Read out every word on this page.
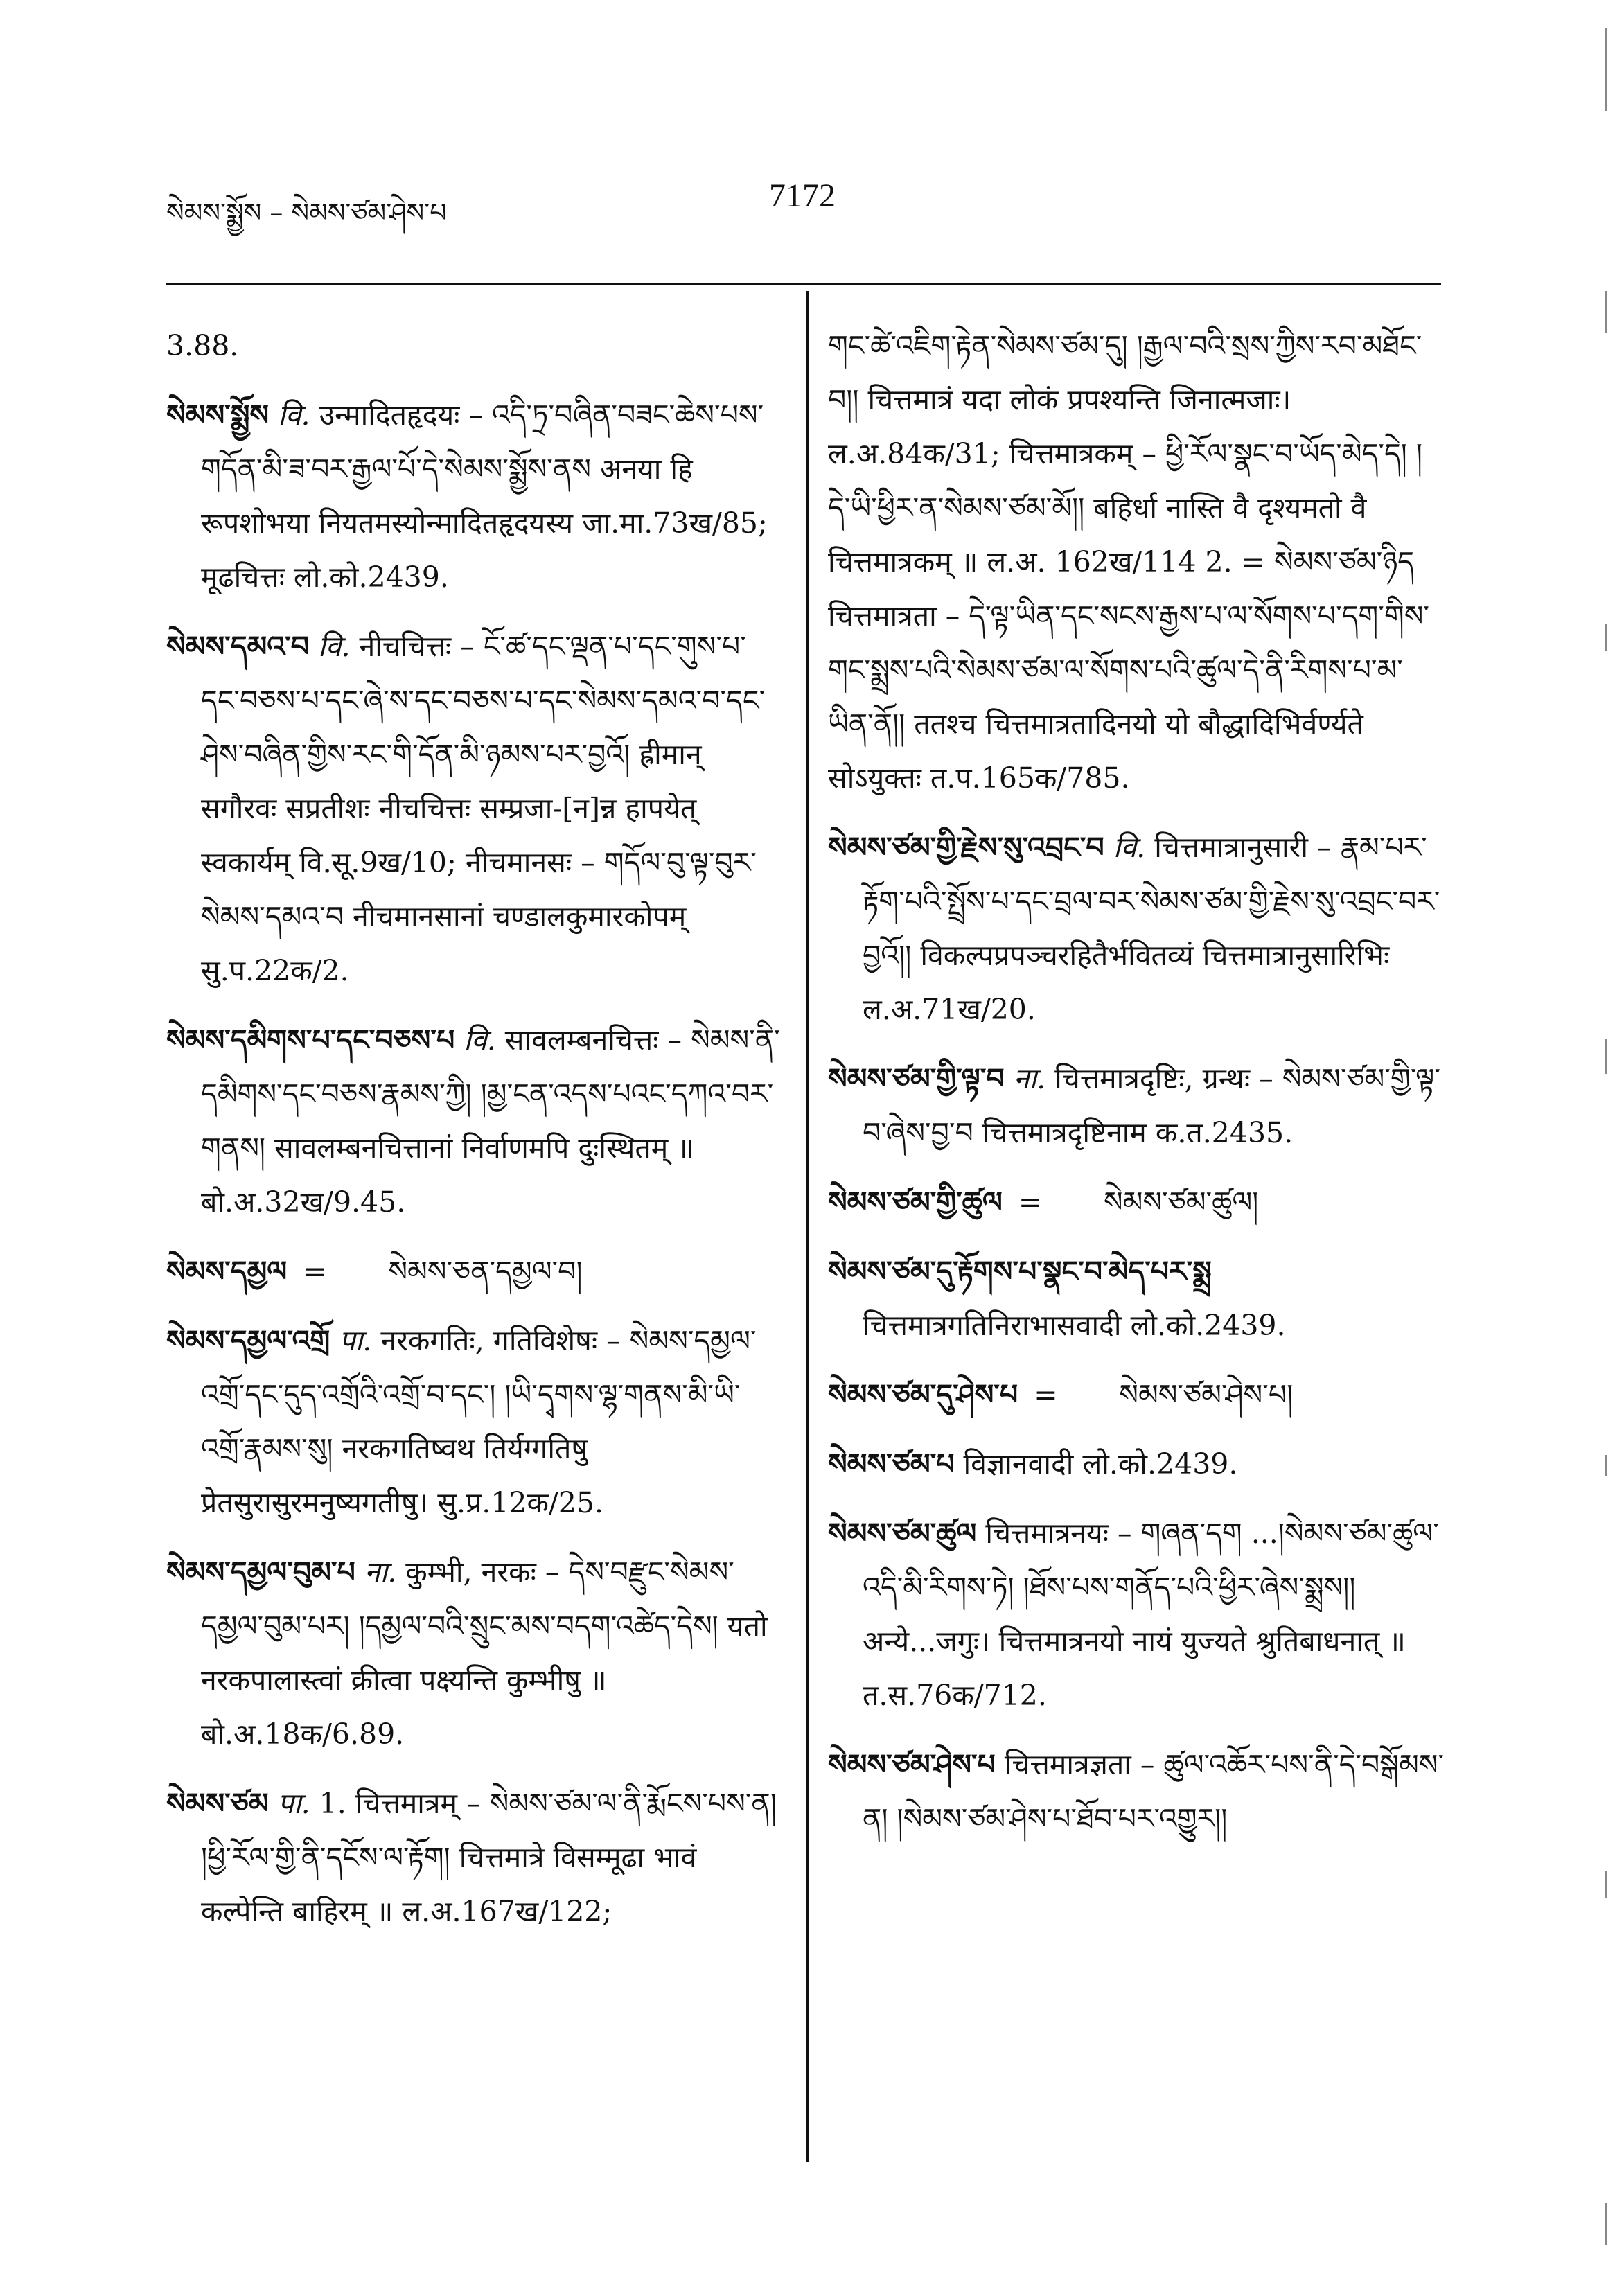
སེམས་སྨྱོས – སེམས་ཙམ་ཤེས་པ	7172
3.88.
སེམས་སྨྱོས वि. उन्मादितहृदयः – འདི་ཏྲ་བཞིན་བཟང་ཆེས་པས་གདོན་མི་ཟ་བར་རྒྱལ་པོ་དེ་སེམས་སྨྱོས་ནས अनया हि रूपशोभया नियतमस्योन्मादितहृदयस्य जा.मा.73ख/85; मूढचित्तः लो.को.2439.
སེམས་དམའ་བ वि. नीचचित्तः – ངོ་ཚ་དང་ལྡན་པ་དང་གུས་པ་དང་བཅས་པ་དང་ཞེ་ས་དང་བཅས་པ་དང་སེམས་དམའ་བ་དང་ཤེས་བཞིན་གྱིས་རང་གི་དོན་མི་ཉམས་པར་བྱའོ། ह्रीमान् सगौरवः सप्रतीशः नीचचित्तः सम्प्रजा-[न]न्न हापयेत् स्वकार्यम् वि.सू.9ख/10; नीचमानसः – གདོལ་བུ་ལྟ་བུར་སེམས་དམའ་བ नीचमानसानां चण्डालकुमारकोपम् सु.प.22क/2.
སེམས་དམིགས་པ་དང་བཅས་པ वि. सावलम्बनचित्तः – སེམས་ནི་དམིགས་དང་བཅས་རྣམས་ཀྱི། །མྱ་ངན་འདས་པའང་དཀའ་བར་གནས། सावलम्बनचित्तानां निर्वाणमपि दुःस्थितम् ॥ बो.अ.32ख/9.45.
སེམས་དམྱལ = སེམས་ཅན་དམྱལ་བ།
སེམས་དམྱལ་འགྲོ पा. नरकगतिः, गतिविशेषः – སེམས་དམྱལ་འགྲོ་དང་དུད་འགྲོའི་འགྲོ་བ་དང་། །ཡི་དྭགས་ལྷ་གནས་མི་ཡི་འགྲོ་རྣམས་སུ། नरकगतिष्वथ तिर्यग्गतिषु प्रेतसुरासुरमनुष्यगतीषु। सु.प्र.12क/25.
སེམས་དམྱལ་བུམ་པ ना. कुम्भी, नरकः – དེས་བརྫུང་སེམས་དམྱལ་བུམ་པར། །དམྱལ་བའི་སྲུང་མས་བདག་འཚེད་དེས། यतो नरकपालास्त्वां क्रीत्वा पक्ष्यन्ति कुम्भीषु ॥ बो.अ.18क/6.89.
སེམས་ཙམ पा. 1. चित्तमात्रम् – སེམས་ཙམ་ལ་ནི་རྨོངས་པས་ན། །ཕྱི་རོལ་གྱི་ནི་དངོས་ལ་རྟོག། चित्तमात्रे विसम्मूढा भावं कल्पेन्ति बाहिरम् ॥ ल.अ.167ख/122;
གང་ཚེ་འཇིག་རྟེན་སེམས་ཙམ་དུ། །རྒྱལ་བའི་སྲས་ཀྱིས་རབ་མཐོང་བ།། चित्तमात्रं यदा लोकं प्रपश्यन्ति जिनात्मजाः। ल.अ.84क/31; चित्तमात्रकम् – ཕྱི་རོལ་སྣང་བ་ཡོད་མེད་དེ། །དེ་ཡི་ཕྱིར་ན་སེམས་ཙམ་མོ།། बहिर्धा नास्ति वै दृश्यमतो वै चित्तमात्रकम् ॥ ल.अ. 162ख/114 2. = སེམས་ཙམ་ཉིད चित्तमात्रता – དེ་ལྟ་ཡིན་དང་སངས་རྒྱས་པ་ལ་སོགས་པ་དག་གིས་གང་སྨྲས་པའི་སེམས་ཙམ་ལ་སོགས་པའི་ཚུལ་དེ་ནི་རིགས་པ་མ་ཡིན་ནོ།། ततश्च चित्तमात्रतादिनयो यो बौद्धादिभिर्वर्ण्यते सोऽयुक्तः त.प.165क/785.
སེམས་ཙམ་གྱི་རྗེས་སུ་འབྲང་བ वि. चित्तमात्रानुसारी – རྣམ་པར་རྟོག་པའི་སྤྲོས་པ་དང་བྲལ་བར་སེམས་ཙམ་གྱི་རྗེས་སུ་འབྲང་བར་བྱའོ།། विकल्पप्रपञ्चरहितैर्भवितव्यं चित्तमात्रानुसारिभिः ल.अ.71ख/20.
སེམས་ཙམ་གྱི་ལྟ་བ ना. चित्तमात्रदृष्टिः, ग्रन्थः – སེམས་ཙམ་གྱི་ལྟ་བ་ཞེས་བྱ་བ चित्तमात्रदृष्टिनाम क.त.2435.
སེམས་ཙམ་གྱི་ཚུལ = སེམས་ཙམ་ཚུལ།
སེམས་ཙམ་དུ་རྟོགས་པ་སྣང་བ་མེད་པར་སྨྲ चित्तमात्रगतिनिराभासवादी लो.को.2439.
སེམས་ཙམ་དུ་ཤེས་པ = སེམས་ཙམ་ཤེས་པ།
སེམས་ཙམ་པ विज्ञानवादी लो.को.2439.
སེམས་ཙམ་ཚུལ चित्तमात्रनयः – གཞན་དག ...།སེམས་ཙམ་ཚུལ་འདི་མི་རིགས་ཏེ། །ཐོས་པས་གནོད་པའི་ཕྱིར་ཞེས་སྨྲས།། अन्ये...जगुः। चित्तमात्रनयो नायं युज्यते श्रुतिबाधनात् ॥ त.स.76क/712.
སེམས་ཙམ་ཤེས་པ चित्तमात्रज्ञता – ཚུལ་འཆོར་པས་ནི་དེ་བསྒོམས་ན། །སེམས་ཙམ་ཤེས་པ་ཐོབ་པར་འགྱུར།།
